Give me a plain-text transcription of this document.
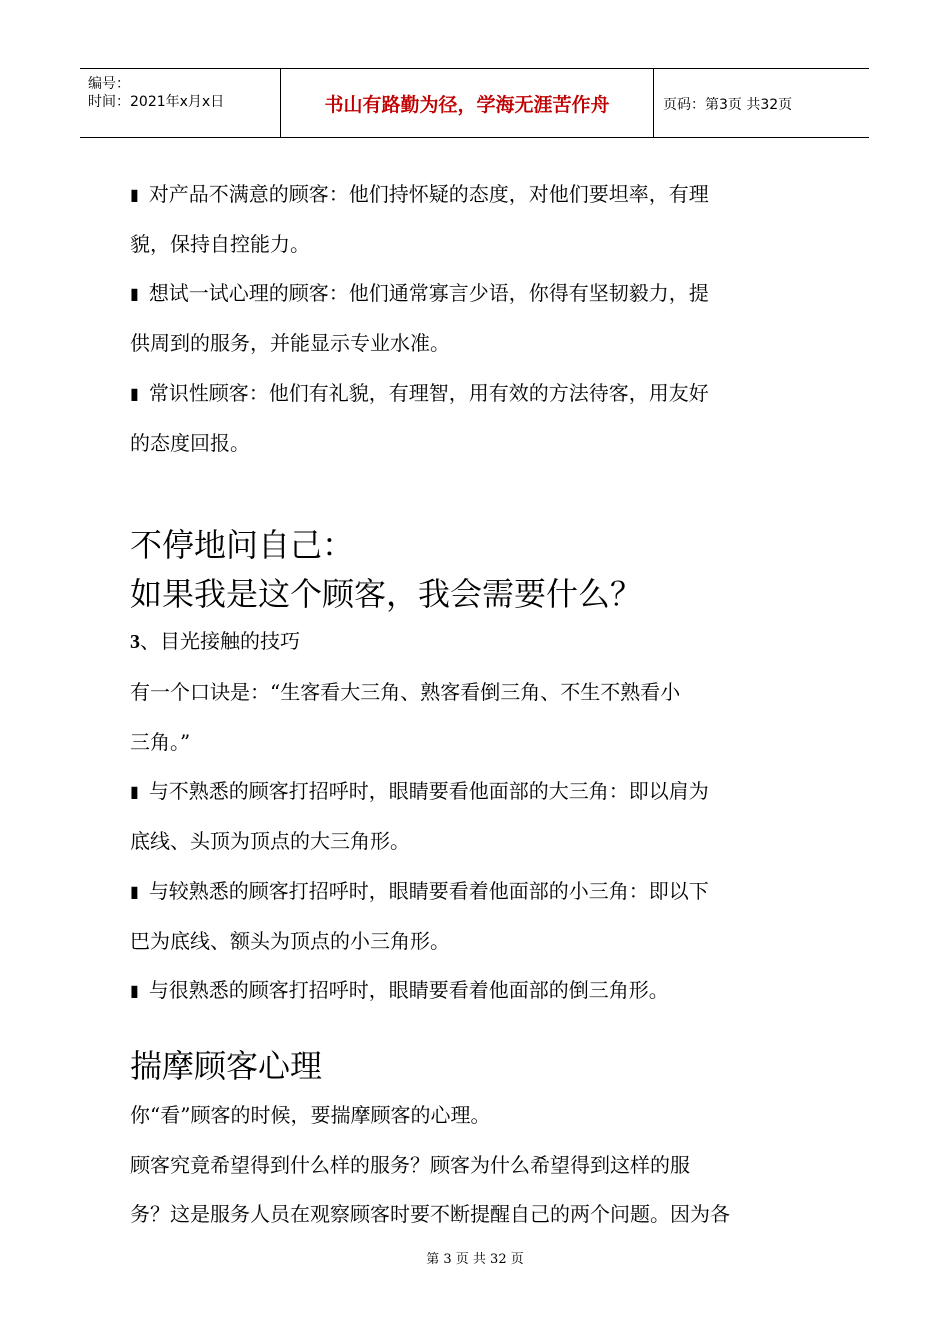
编号：
时间：2021年x月x日	书山有路勤为径，学海无涯苦作舟	页码：第3页 共32页
▮ 对产品不满意的顾客：他们持怀疑的态度，对他们要坦率，有理
貌，保持自控能力。
▮ 想试一试心理的顾客：他们通常寡言少语，你得有坚韧毅力，提
供周到的服务，并能显示专业水准。
▮ 常识性顾客：他们有礼貌，有理智，用有效的方法待客，用友好
的态度回报。
不停地问自己：
如果我是这个顾客，我会需要什么？
3、目光接触的技巧
有一个口诀是：“生客看大三角、熟客看倒三角、不生不熟看小
三角。”
▮ 与不熟悉的顾客打招呼时，眼睛要看他面部的大三角：即以肩为
底线、头顶为顶点的大三角形。
▮ 与较熟悉的顾客打招呼时，眼睛要看着他面部的小三角：即以下
巴为底线、额头为顶点的小三角形。
▮ 与很熟悉的顾客打招呼时，眼睛要看着他面部的倒三角形。
揣摩顾客心理
你“看”顾客的时候，要揣摩顾客的心理。
顾客究竟希望得到什么样的服务？顾客为什么希望得到这样的服
务？这是服务人员在观察顾客时要不断提醒自己的两个问题。因为各
第 3 页 共 32 页
